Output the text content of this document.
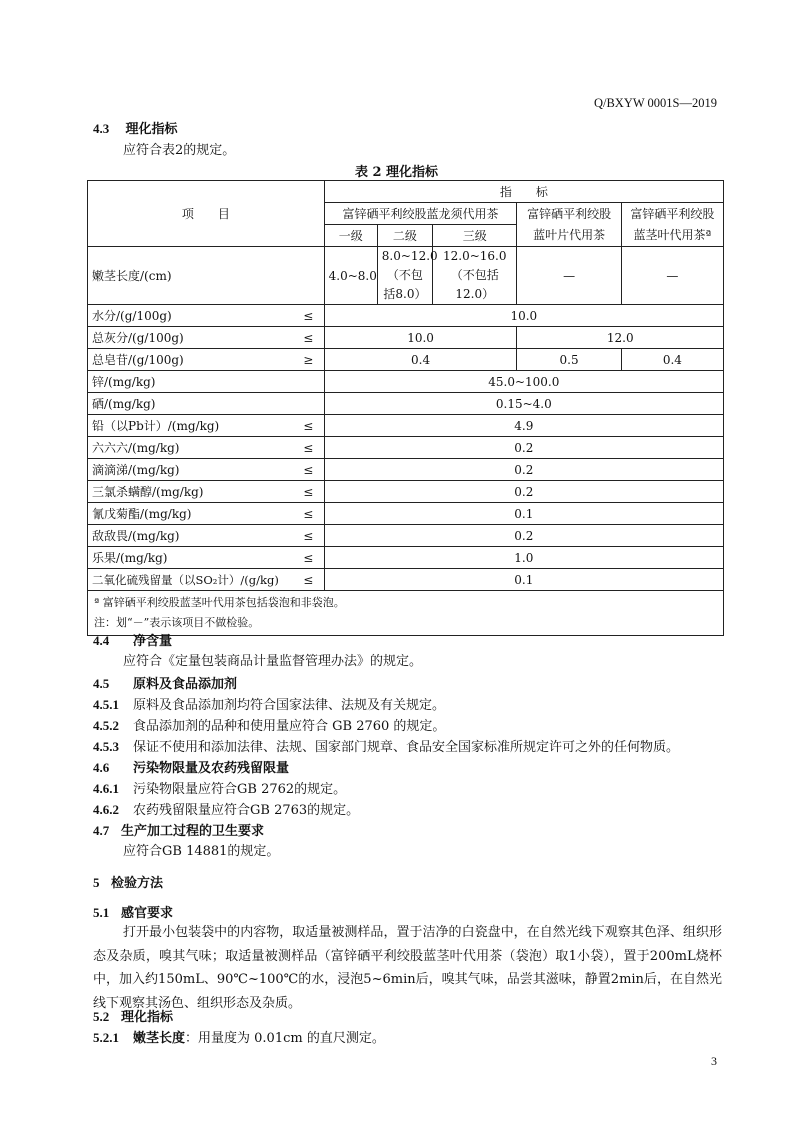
Q/BXYW 0001S—2019
4.3 理化指标
应符合表2的规定。
表 2 理化指标
项　　目		指　　标				
		富锌硒平利绞股蓝龙须代用茶			富锌硒平利绞股蓝叶片代用茶	富锌硒平利绞股蓝茎叶代用茶ª
		一级	二级	三级		
嫩茎长度/(cm)		4.0~8.0	8.0~12.0（不包括8.0）	12.0~16.0（不包括12.0）	—	—
水分/(g/100g)	≤	10.0				
总灰分/(g/100g)	≤	10.0			12.0	
总皂苷/(g/100g)	≥	0.4			0.5	0.4
锌/(mg/kg)		45.0~100.0				
硒/(mg/kg)		0.15~4.0				
铅（以Pb计）/(mg/kg)	≤	4.9				
六六六/(mg/kg)	≤	0.2				
滴滴涕/(mg/kg)	≤	0.2				
三氯杀螨醇/(mg/kg)	≤	0.2				
氰戊菊酯/(mg/kg)	≤	0.1				
敌敌畏/(mg/kg)	≤	0.2				
乐果/(mg/kg)	≤	1.0				
二氧化硫残留量（以SO₂计）/(g/kg)	≤	0.1				

ª 富锌硒平利绞股蓝茎叶代用茶包括袋泡和非袋泡。
注：划“－”表示该项目不做检验。						
4.4 净含量
应符合《定量包装商品计量监督管理办法》的规定。
4.5 原料及食品添加剂
4.5.1 原料及食品添加剂均符合国家法律、法规及有关规定。
4.5.2 食品添加剂的品种和使用量应符合 GB 2760 的规定。
4.5.3 保证不使用和添加法律、法规、国家部门规章、食品安全国家标准所规定许可之外的任何物质。
4.6 污染物限量及农药残留限量
4.6.1 污染物限量应符合GB 2762的规定。
4.6.2 农药残留限量应符合GB 2763的规定。
4.7 生产加工过程的卫生要求
应符合GB 14881的规定。
5 检验方法
5.1 感官要求
打开最小包装袋中的内容物，取适量被测样品，置于洁净的白瓷盘中，在自然光线下观察其色泽、组织形态及杂质，嗅其气味；取适量被测样品（富锌硒平利绞股蓝茎叶代用茶（袋泡）取1小袋），置于200mL烧杯中，加入约150mL、90℃~100℃的水，浸泡5~6min后，嗅其气味，品尝其滋味，静置2min后，在自然光线下观察其汤色、组织形态及杂质。
5.2 理化指标
5.2.1 嫩茎长度：用量度为 0.01cm 的直尺测定。
3
